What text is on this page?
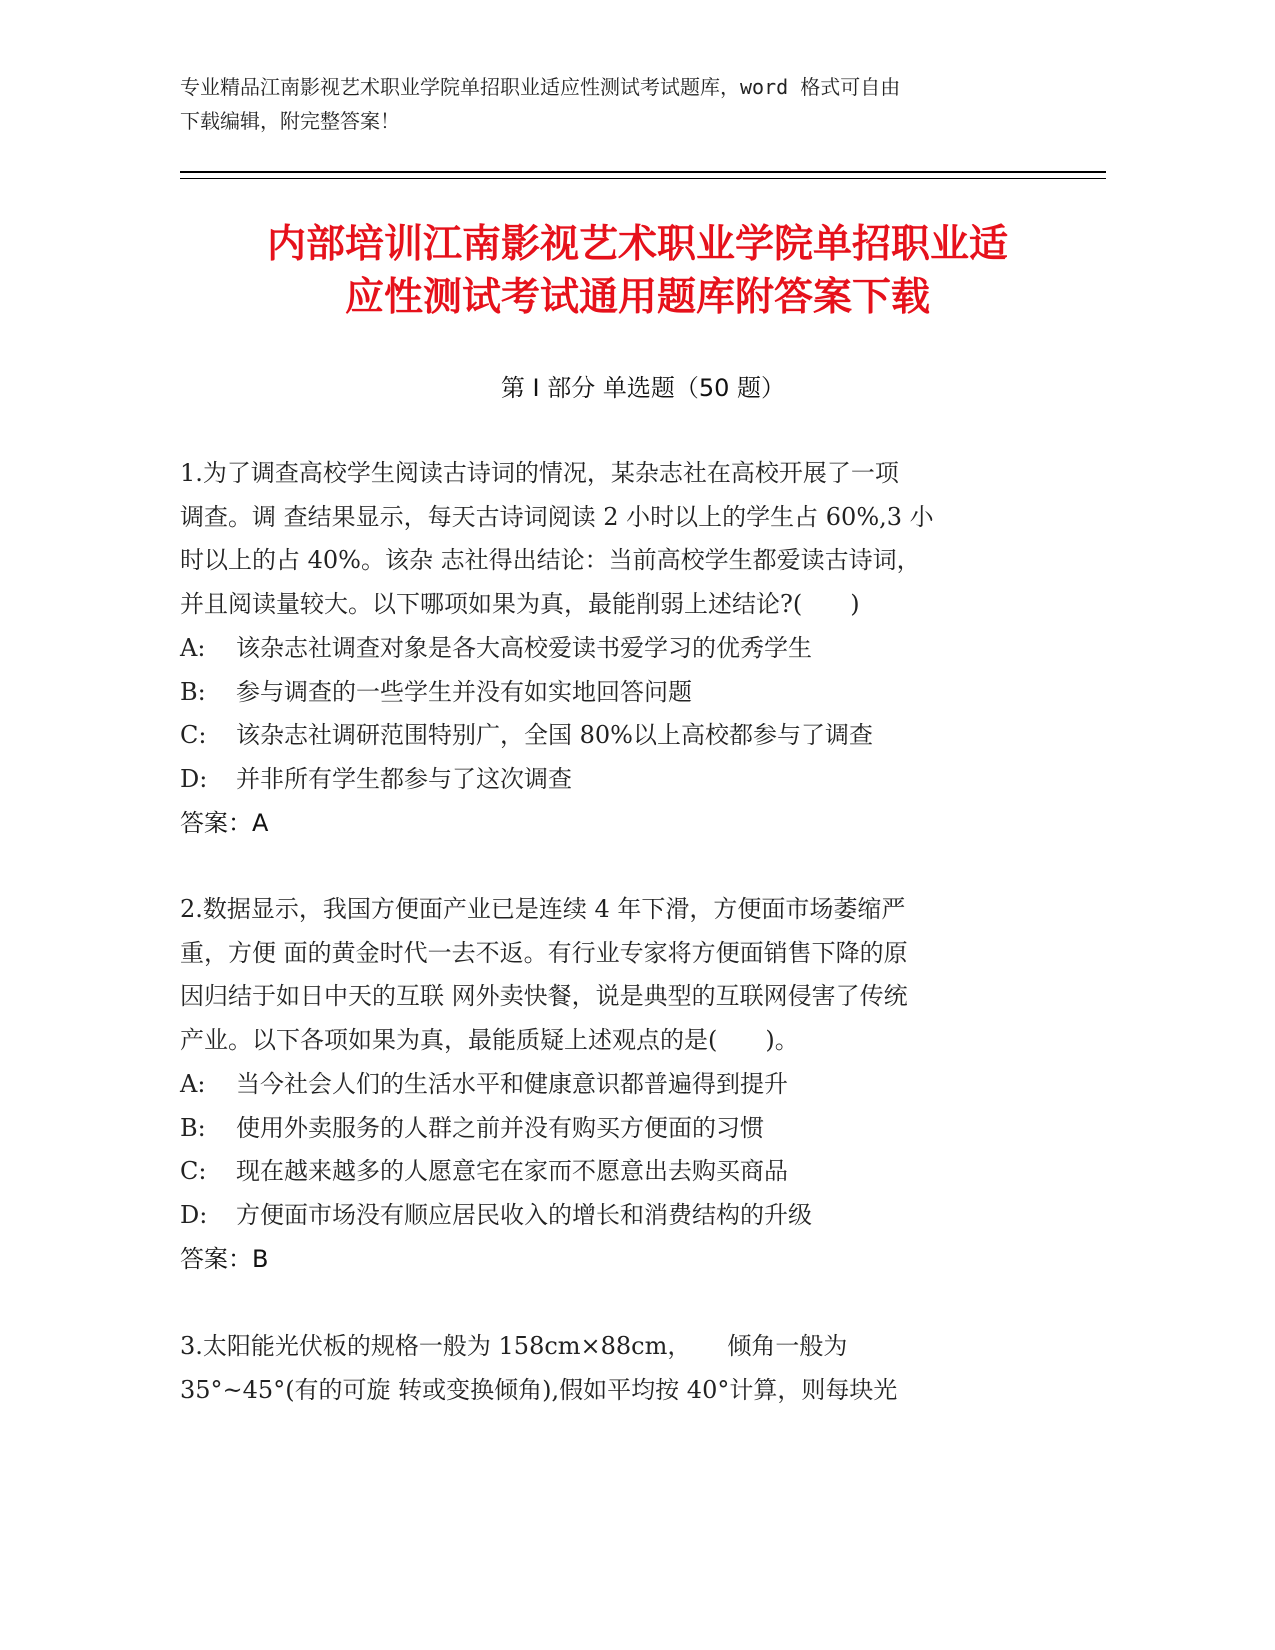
专业精品江南影视艺术职业学院单招职业适应性测试考试题库，word 格式可自由
下载编辑，附完整答案！
内部培训江南影视艺术职业学院单招职业适
应性测试考试通用题库附答案下载
第 I 部分 单选题（50 题）
1.为了调查高校学生阅读古诗词的情况，某杂志社在高校开展了一项
调查。调 查结果显示，每天古诗词阅读 2 小时以上的学生占 60%,3 小
时以上的占 40%。该杂 志社得出结论：当前高校学生都爱读古诗词，
并且阅读量较大。以下哪项如果为真，最能削弱上述结论?(　　)
A: 该杂志社调查对象是各大高校爱读书爱学习的优秀学生
B: 参与调查的一些学生并没有如实地回答问题
C: 该杂志社调研范围特别广，全国 80%以上高校都参与了调查
D: 并非所有学生都参与了这次调查
答案：A
2.数据显示，我国方便面产业已是连续 4 年下滑，方便面市场萎缩严
重，方便 面的黄金时代一去不返。有行业专家将方便面销售下降的原
因归结于如日中天的互联 网外卖快餐，说是典型的互联网侵害了传统
产业。以下各项如果为真，最能质疑上述观点的是(　　)。
A: 当今社会人们的生活水平和健康意识都普遍得到提升
B: 使用外卖服务的人群之前并没有购买方便面的习惯
C: 现在越来越多的人愿意宅在家而不愿意出去购买商品
D: 方便面市场没有顺应居民收入的增长和消费结构的升级
答案：B
3.太阳能光伏板的规格一般为 158cm×88cm，　　倾角一般为
35°~45°(有的可旋 转或变换倾角),假如平均按 40°计算，则每块光
